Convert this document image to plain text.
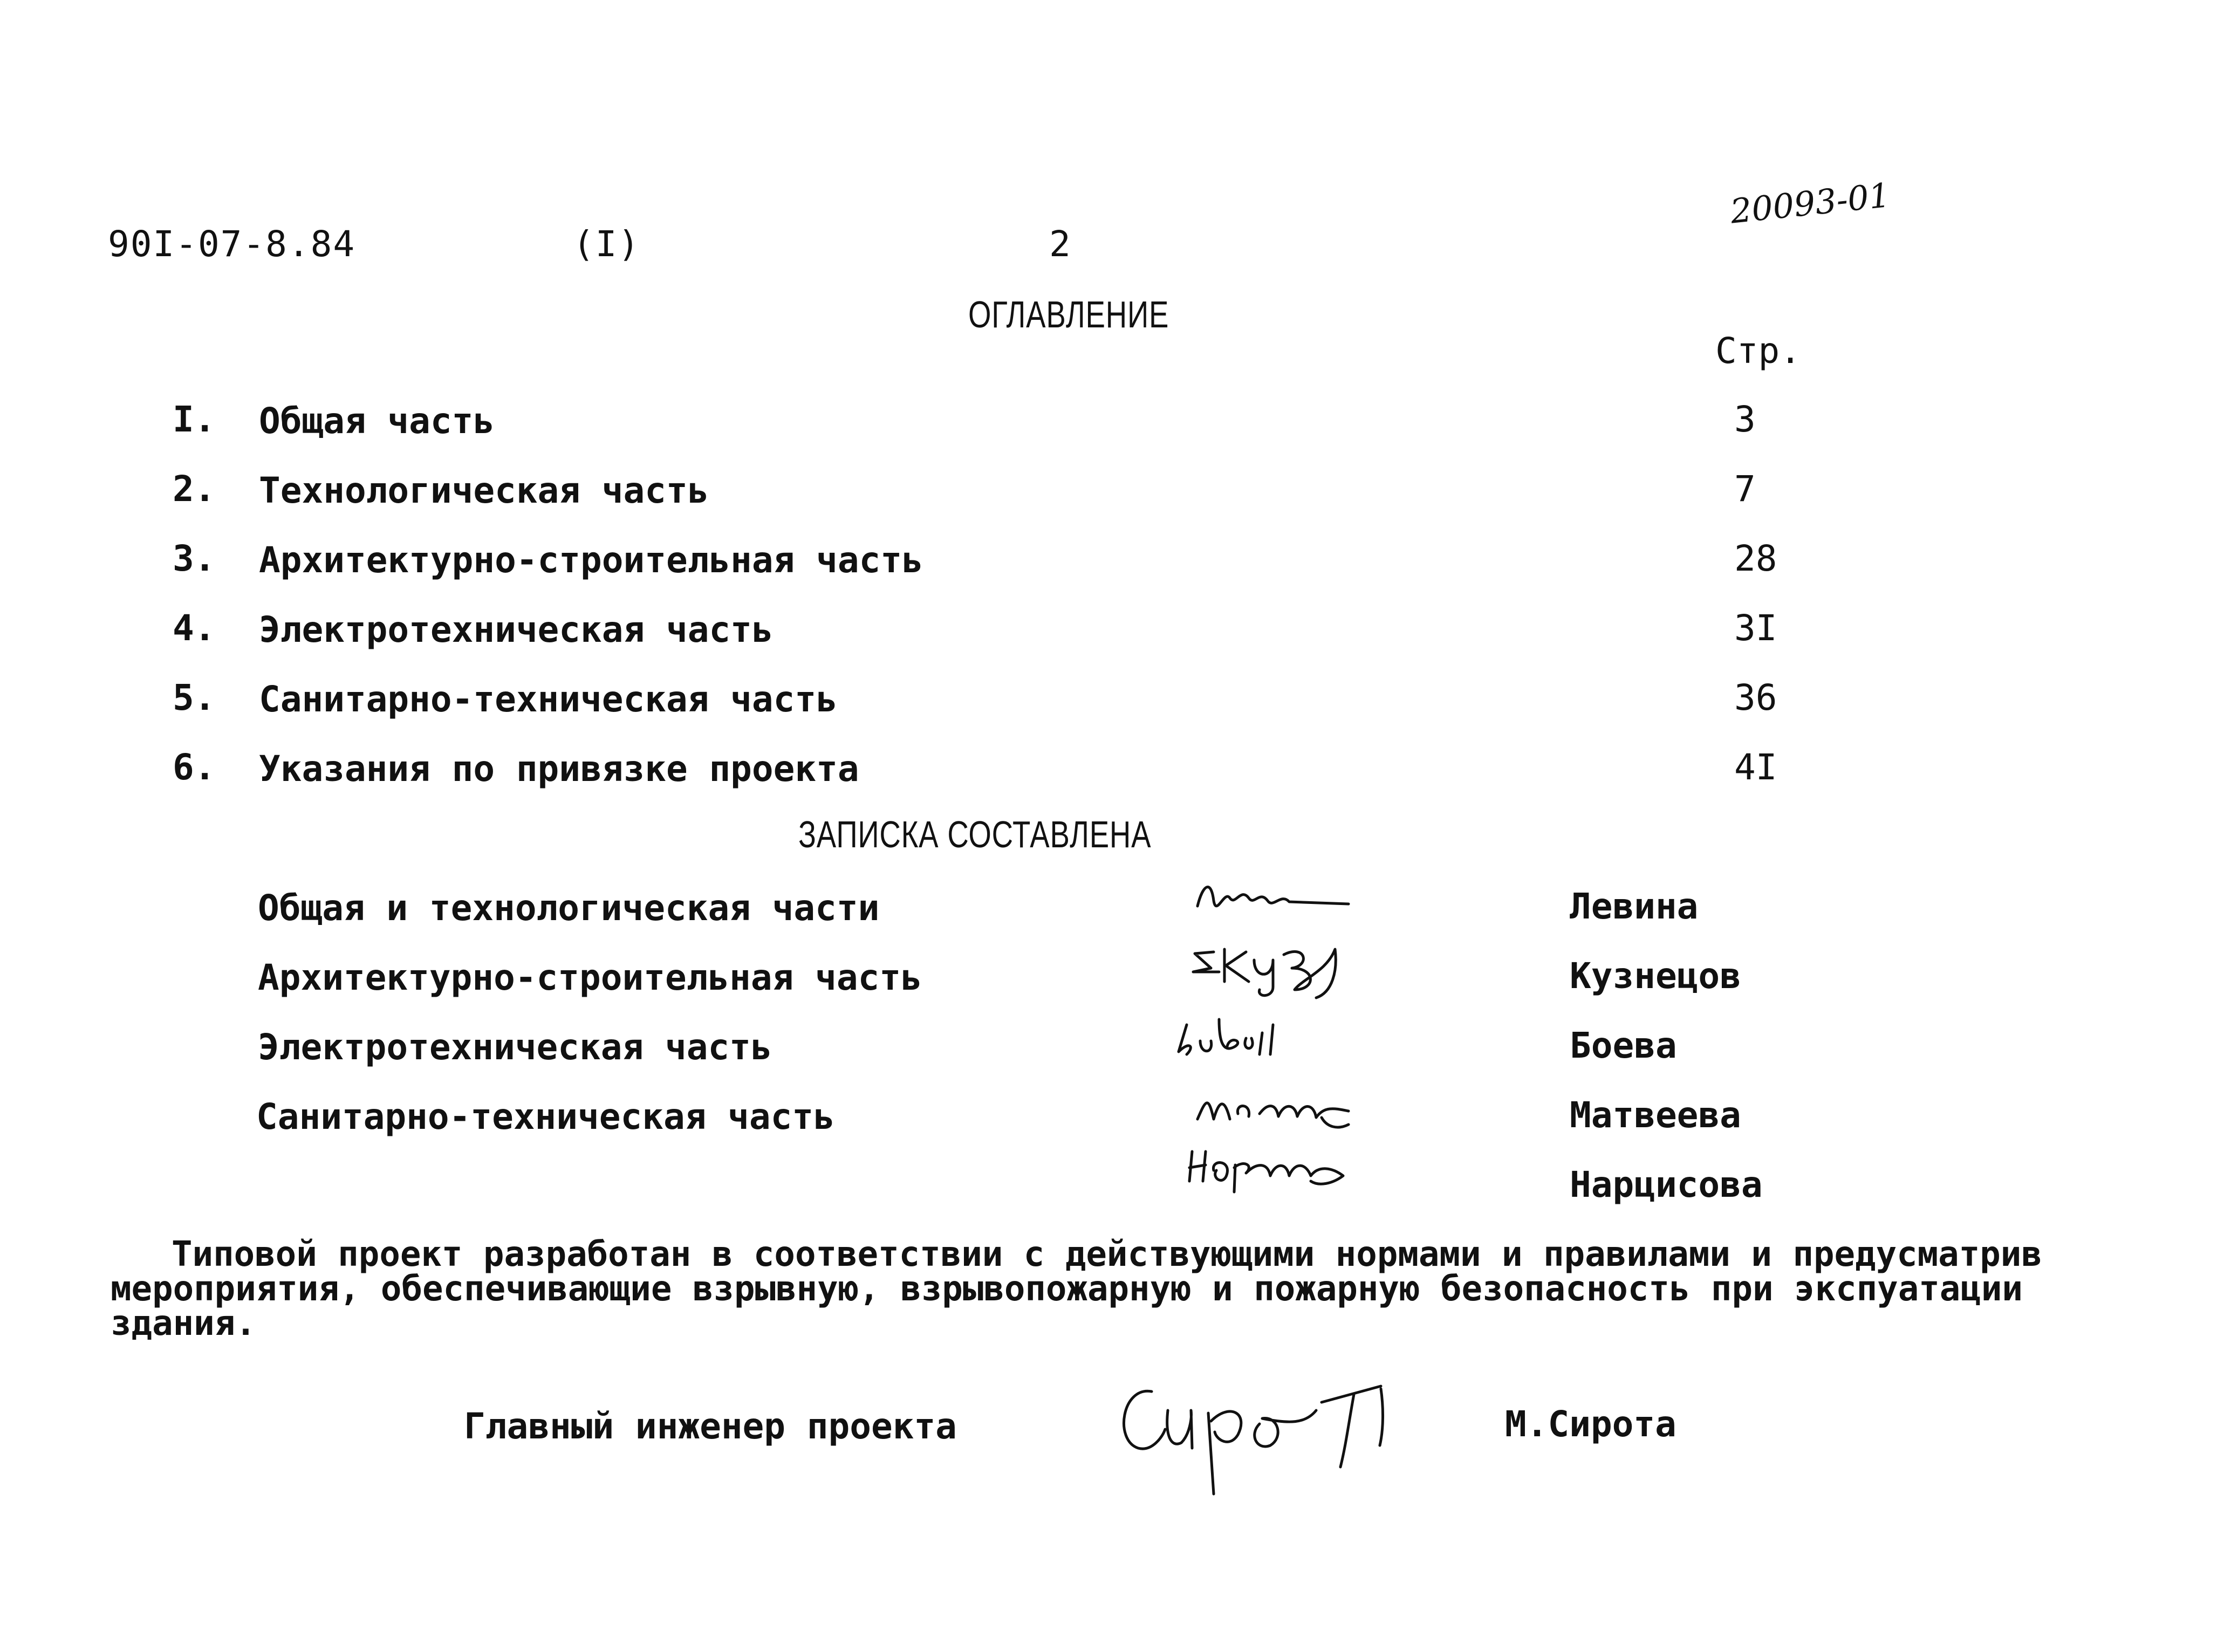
90I-07-8.84	(I)	2
20093-01
ОГЛАВЛЕНИЕ
Стр.
I. Общая часть	3
2. Технологическая часть	7
3. Архитектурно-строительная часть	28
4. Электротехническая часть	3I
5. Санитарно-техническая часть	36
6. Указания по привязке проекта	4I
ЗАПИСКА СОСТАВЛЕНА
Общая и технологическая части	Левина
Архитектурно-строительная часть	Кузнецов
Электротехническая часть	Боева
Санитарно-техническая часть	Матвеева
Нарцисова
Типовой проект разработан в соответствии с действующими нормами и правилами и предусматрив
мероприятия, обеспечивающие взрывную, взрывопожарную и пожарную безопасность при экспуатации
здания.
Главный инженер проекта	М.Сирота
